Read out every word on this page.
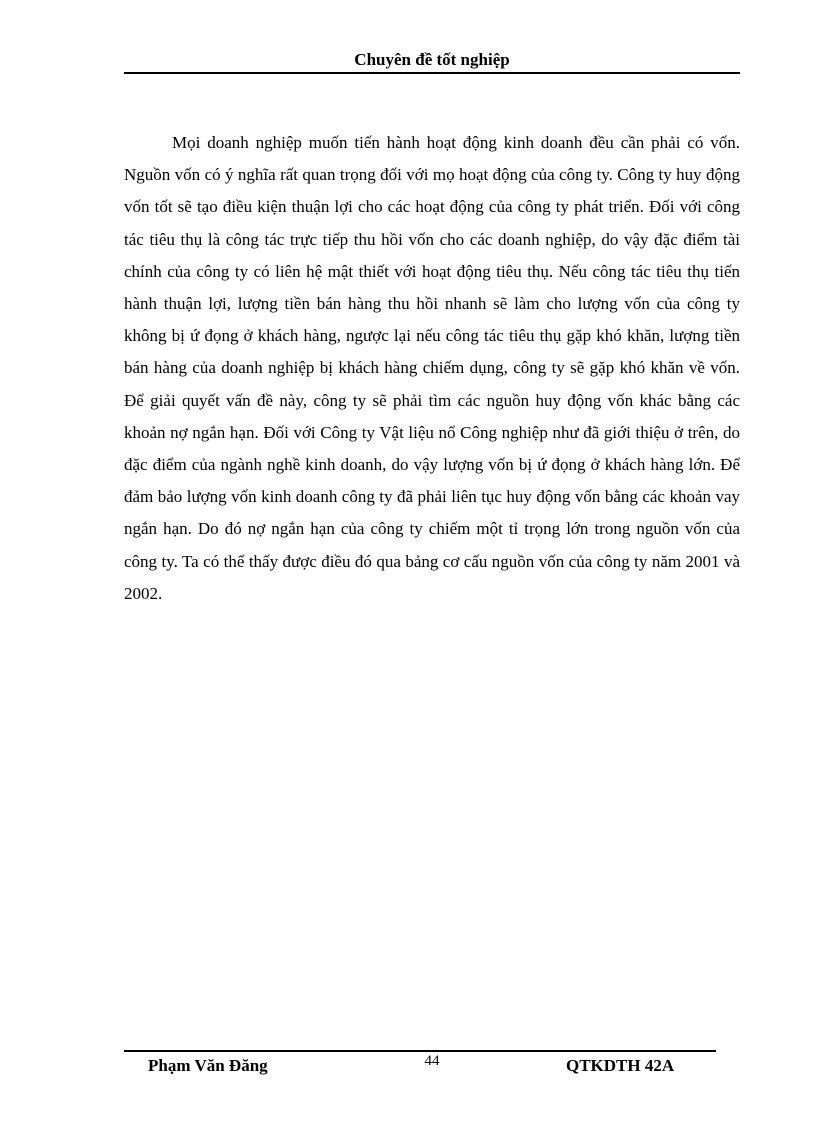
Chuyên đề tốt nghiệp

Mọi doanh nghiệp muốn tiến hành hoạt động kinh doanh đều cần phải có vốn. Nguồn vốn có ý nghĩa rất quan trọng đối với mọ hoạt động của công ty. Công ty huy động vốn tốt sẽ tạo điều kiện thuận lợi cho các hoạt động của công ty phát triển. Đối với công tác tiêu thụ là công tác trực tiếp thu hồi vốn cho các doanh nghiệp, do vậy đặc điểm tài chính của công ty có liên hệ mật thiết với hoạt động tiêu thụ. Nếu công tác tiêu thụ tiến hành thuận lợi, lượng tiền bán hàng thu hồi nhanh sẽ làm cho lượng vốn của công ty không bị ứ đọng ở khách hàng, ngược lại nếu công tác tiêu thụ gặp khó khăn, lượng tiền bán hàng của doanh nghiệp bị khách hàng chiếm dụng, công ty sẽ gặp khó khăn về vốn. Để giải quyết vấn đề này, công ty sẽ phải tìm các nguồn huy động vốn khác bằng các khoản nợ ngắn hạn. Đối với Công ty Vật liệu nổ Công nghiệp như đã giới thiệu ở trên, do đặc điểm của ngành nghề kinh doanh, do vậy lượng vốn bị ứ đọng ở khách hàng lớn. Để đảm bảo lượng vốn kinh doanh công ty đã phải liên tục huy động vốn bằng các khoản vay ngắn hạn. Do đó nợ ngắn hạn của công ty chiếm một tỉ trọng lớn trong nguồn vốn của công ty. Ta có thể thấy được điều đó qua bảng cơ cấu nguồn vốn của công ty năm 2001 và 2002.

Phạm Văn Đăng	44	QTKDTH 42A
